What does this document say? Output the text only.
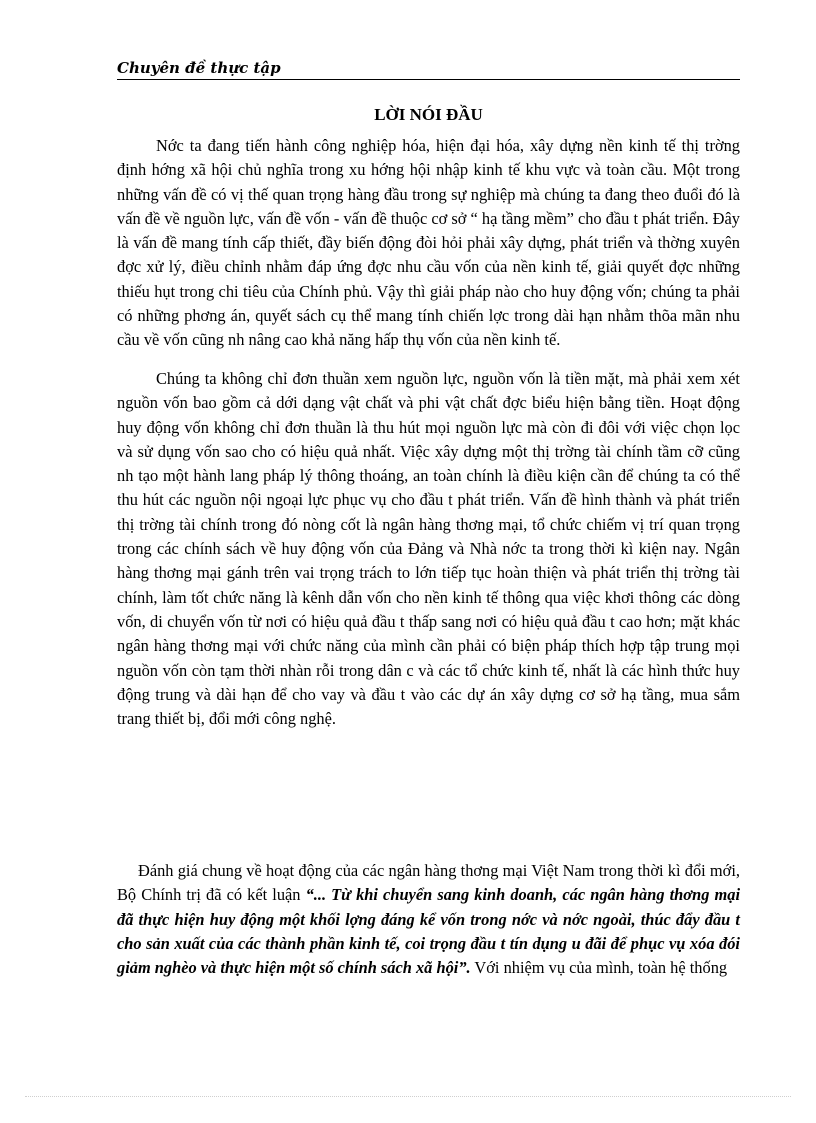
Chuyên đề thực tập
LỜI NÓI ĐẦU

Nớc ta đang tiến hành công nghiệp hóa, hiện đại hóa, xây dựng nền kinh tế thị trờng định hớng xã hội chủ nghĩa trong xu hớng hội nhập kinh tế khu vực và toàn cầu. Một trong những vấn đề có vị thế quan trọng hàng đầu trong sự nghiệp mà chúng ta đang theo đuổi đó là vấn đề về nguồn lực, vấn đề vốn - vấn đề thuộc cơ sở “ hạ tầng mềm” cho đầu t phát triển. Đây là vấn đề mang tính cấp thiết, đầy biến động đòi hỏi phải xây dựng, phát triển và thờng xuyên đợc xử lý, điều chỉnh nhằm đáp ứng đợc nhu cầu vốn của nền kinh tế, giải quyết đợc những thiếu hụt trong chi tiêu của Chính phủ. Vậy thì giải pháp nào cho huy động vốn; chúng ta phải có những phơng án, quyết sách cụ thể mang tính chiến lợc trong dài hạn nhằm thõa mãn nhu cầu về vốn cũng nh nâng cao khả năng hấp thụ vốn của nền kinh tế.

Chúng ta không chỉ đơn thuần xem nguồn lực, nguồn vốn là tiền mặt, mà phải xem xét nguồn vốn bao gồm cả dới dạng vật chất và phi vật chất đợc biểu hiện bằng tiền. Hoạt động huy động vốn không chỉ đơn thuần là thu hút mọi nguồn lực mà còn đi đôi với việc chọn lọc và sử dụng vốn sao cho có hiệu quả nhất. Việc xây dựng một thị trờng tài chính tầm cỡ cũng nh tạo một hành lang pháp lý thông thoáng, an toàn chính là điều kiện cần để chúng ta có thể thu hút các nguồn nội ngoại lực phục vụ cho đầu t phát triển. Vấn đề hình thành và phát triển thị trờng tài chính trong đó nòng cốt là ngân hàng thơng mại, tổ chức chiếm vị trí quan trọng trong các chính sách về huy động vốn của Đảng và Nhà nớc ta trong thời kì kiện nay. Ngân hàng thơng mại gánh trên vai trọng trách to lớn tiếp tục hoàn thiện và phát triển thị trờng tài chính, làm tốt chức năng là kênh dẫn vốn cho nền kinh tế thông qua việc khơi thông các dòng vốn, di chuyển vốn từ nơi có hiệu quả đầu t thấp sang nơi có hiệu quả đầu t cao hơn; mặt khác ngân hàng thơng mại với chức năng của mình cần phải có biện pháp thích hợp tập trung mọi nguồn vốn còn tạm thời nhàn rỗi trong dân c và các tổ chức kinh tế, nhất là các hình thức huy động trung và dài hạn để cho vay và đầu t vào các dự án xây dựng cơ sở hạ tầng, mua sắm trang thiết bị, đổi mới công nghệ.

Đánh giá chung về hoạt động của các ngân hàng thơng mại Việt Nam trong thời kì đổi mới, Bộ Chính trị đã có kết luận “... Từ khi chuyển sang kinh doanh, các ngân hàng thơng mại đã thực hiện huy động một khối lợng đáng kể vốn trong nớc và nớc ngoài, thúc đẩy đầu t cho sản xuất của các thành phần kinh tế, coi trọng đầu t tín dụng u đãi để phục vụ xóa đói giảm nghèo và thực hiện một số chính sách xã hội”. Với nhiệm vụ của mình, toàn hệ thống
